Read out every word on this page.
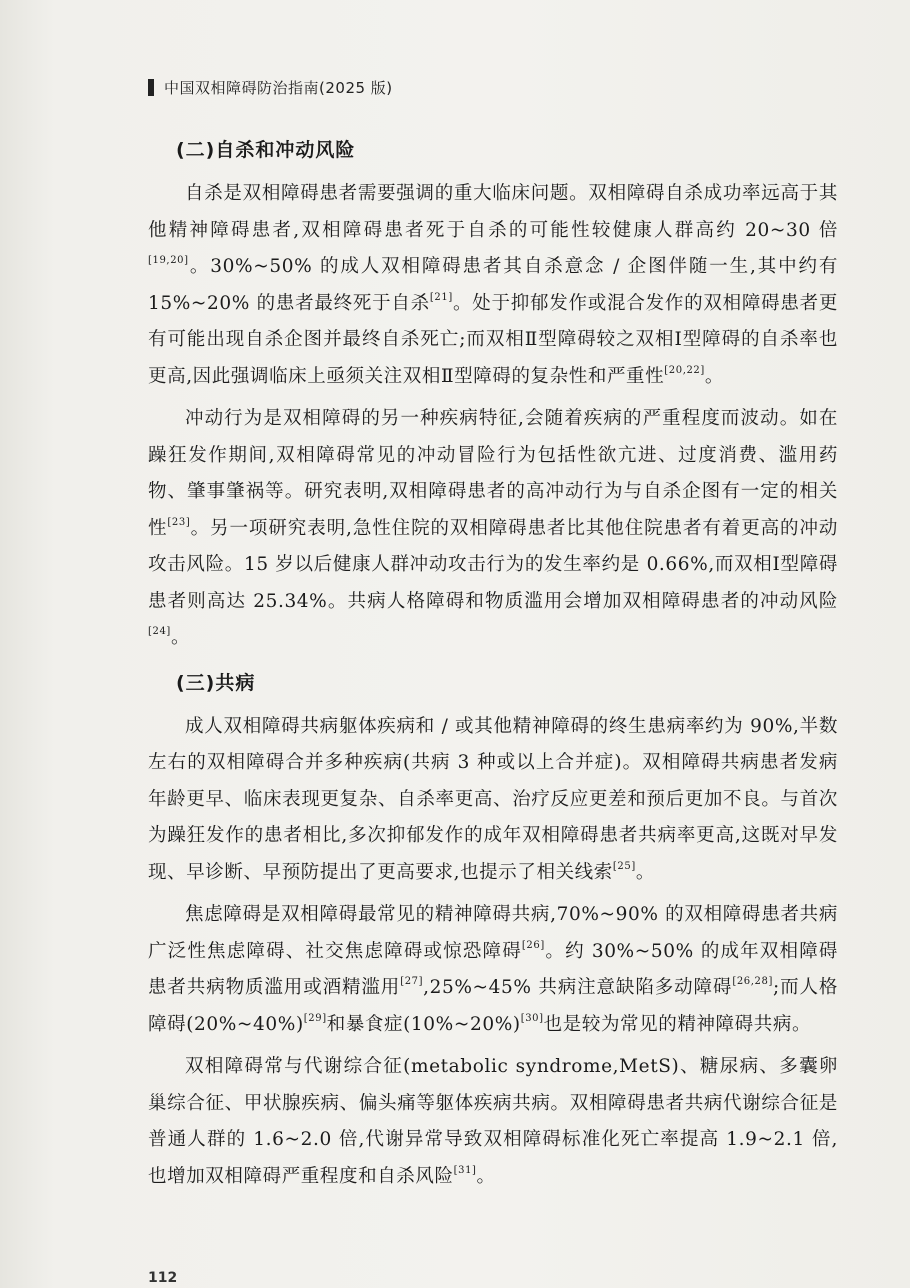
中国双相障碍防治指南(2025 版)
(二)自杀和冲动风险

自杀是双相障碍患者需要强调的重大临床问题。双相障碍自杀成功率远高于其他精神障碍患者,双相障碍患者死于自杀的可能性较健康人群高约 20~30 倍[19,20]。30%~50% 的成人双相障碍患者其自杀意念 / 企图伴随一生,其中约有 15%~20% 的患者最终死于自杀[21]。处于抑郁发作或混合发作的双相障碍患者更有可能出现自杀企图并最终自杀死亡;而双相Ⅱ型障碍较之双相Ⅰ型障碍的自杀率也更高,因此强调临床上亟须关注双相Ⅱ型障碍的复杂性和严重性[20,22]。

冲动行为是双相障碍的另一种疾病特征,会随着疾病的严重程度而波动。如在躁狂发作期间,双相障碍常见的冲动冒险行为包括性欲亢进、过度消费、滥用药物、肇事肇祸等。研究表明,双相障碍患者的高冲动行为与自杀企图有一定的相关性[23]。另一项研究表明,急性住院的双相障碍患者比其他住院患者有着更高的冲动攻击风险。15 岁以后健康人群冲动攻击行为的发生率约是 0.66%,而双相Ⅰ型障碍患者则高达 25.34%。共病人格障碍和物质滥用会增加双相障碍患者的冲动风险[24]。

(三)共病

成人双相障碍共病躯体疾病和 / 或其他精神障碍的终生患病率约为 90%,半数左右的双相障碍合并多种疾病(共病 3 种或以上合并症)。双相障碍共病患者发病年龄更早、临床表现更复杂、自杀率更高、治疗反应更差和预后更加不良。与首次为躁狂发作的患者相比,多次抑郁发作的成年双相障碍患者共病率更高,这既对早发现、早诊断、早预防提出了更高要求,也提示了相关线索[25]。

焦虑障碍是双相障碍最常见的精神障碍共病,70%~90% 的双相障碍患者共病广泛性焦虑障碍、社交焦虑障碍或惊恐障碍[26]。约 30%~50% 的成年双相障碍患者共病物质滥用或酒精滥用[27],25%~45% 共病注意缺陷多动障碍[26,28];而人格障碍(20%~40%)[29]和暴食症(10%~20%)[30]也是较为常见的精神障碍共病。

双相障碍常与代谢综合征(metabolic syndrome,MetS)、糖尿病、多囊卵巢综合征、甲状腺疾病、偏头痛等躯体疾病共病。双相障碍患者共病代谢综合征是普通人群的 1.6~2.0 倍,代谢异常导致双相障碍标准化死亡率提高 1.9~2.1 倍,也增加双相障碍严重程度和自杀风险[31]。

112
